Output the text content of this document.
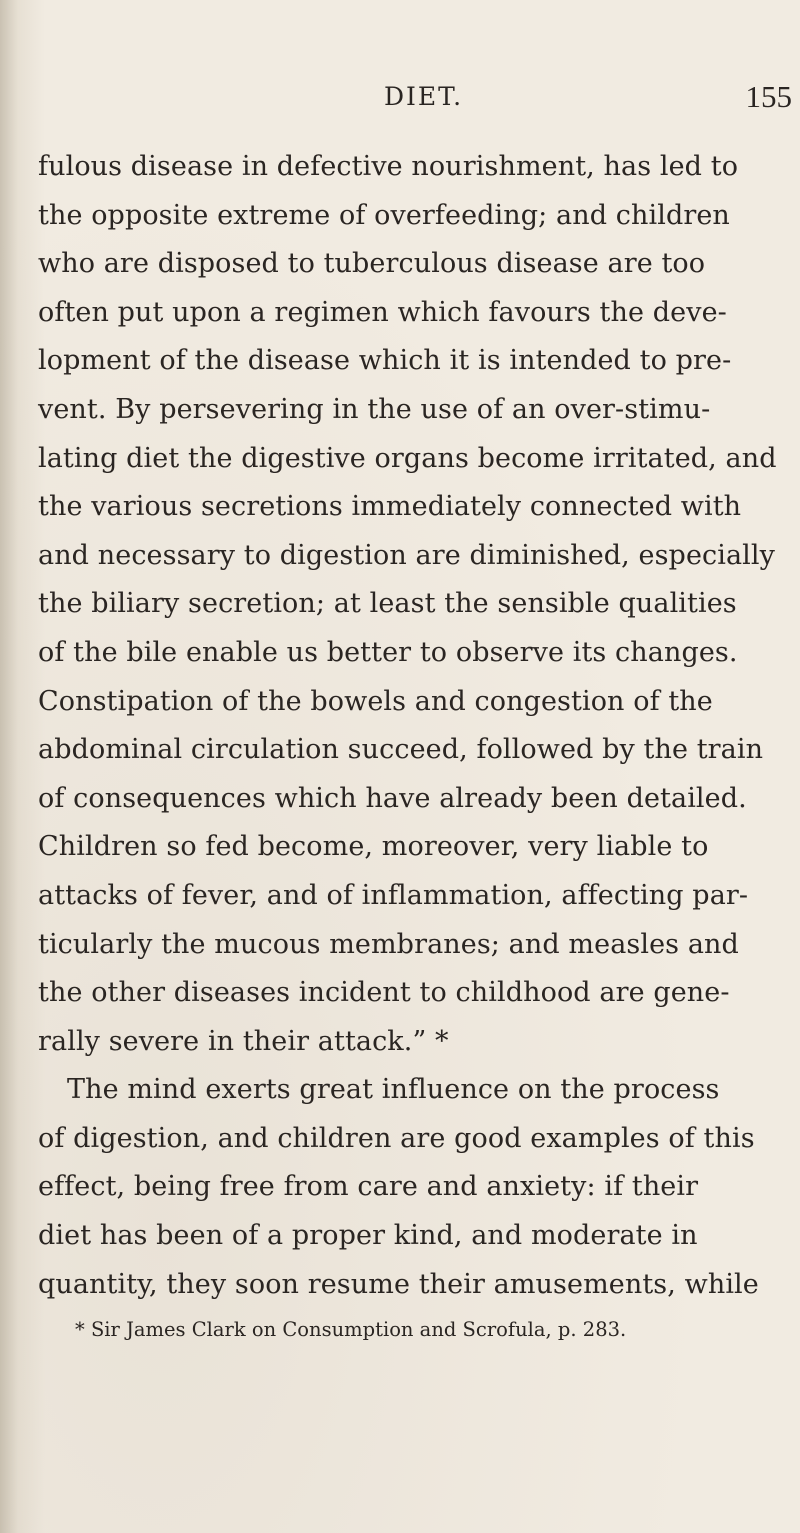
DIET.	155
fulous disease in defective nourishment, has led to
the opposite extreme of overfeeding; and children
who are disposed to tuberculous disease are too
often put upon a regimen which favours the deve-
lopment of the disease which it is intended to pre-
vent. By persevering in the use of an over-stimu-
lating diet the digestive organs become irritated, and
the various secretions immediately connected with
and necessary to digestion are diminished, especially
the biliary secretion; at least the sensible qualities
of the bile enable us better to observe its changes.
Constipation of the bowels and congestion of the
abdominal circulation succeed, followed by the train
of consequences which have already been detailed.
Children so fed become, moreover, very liable to
attacks of fever, and of inflammation, affecting par-
ticularly the mucous membranes; and measles and
the other diseases incident to childhood are gene-
rally severe in their attack.” *
The mind exerts great influence on the process
of digestion, and children are good examples of this
effect, being free from care and anxiety: if their
diet has been of a proper kind, and moderate in
quantity, they soon resume their amusements, while
* Sir James Clark on Consumption and Scrofula, p. 283.
